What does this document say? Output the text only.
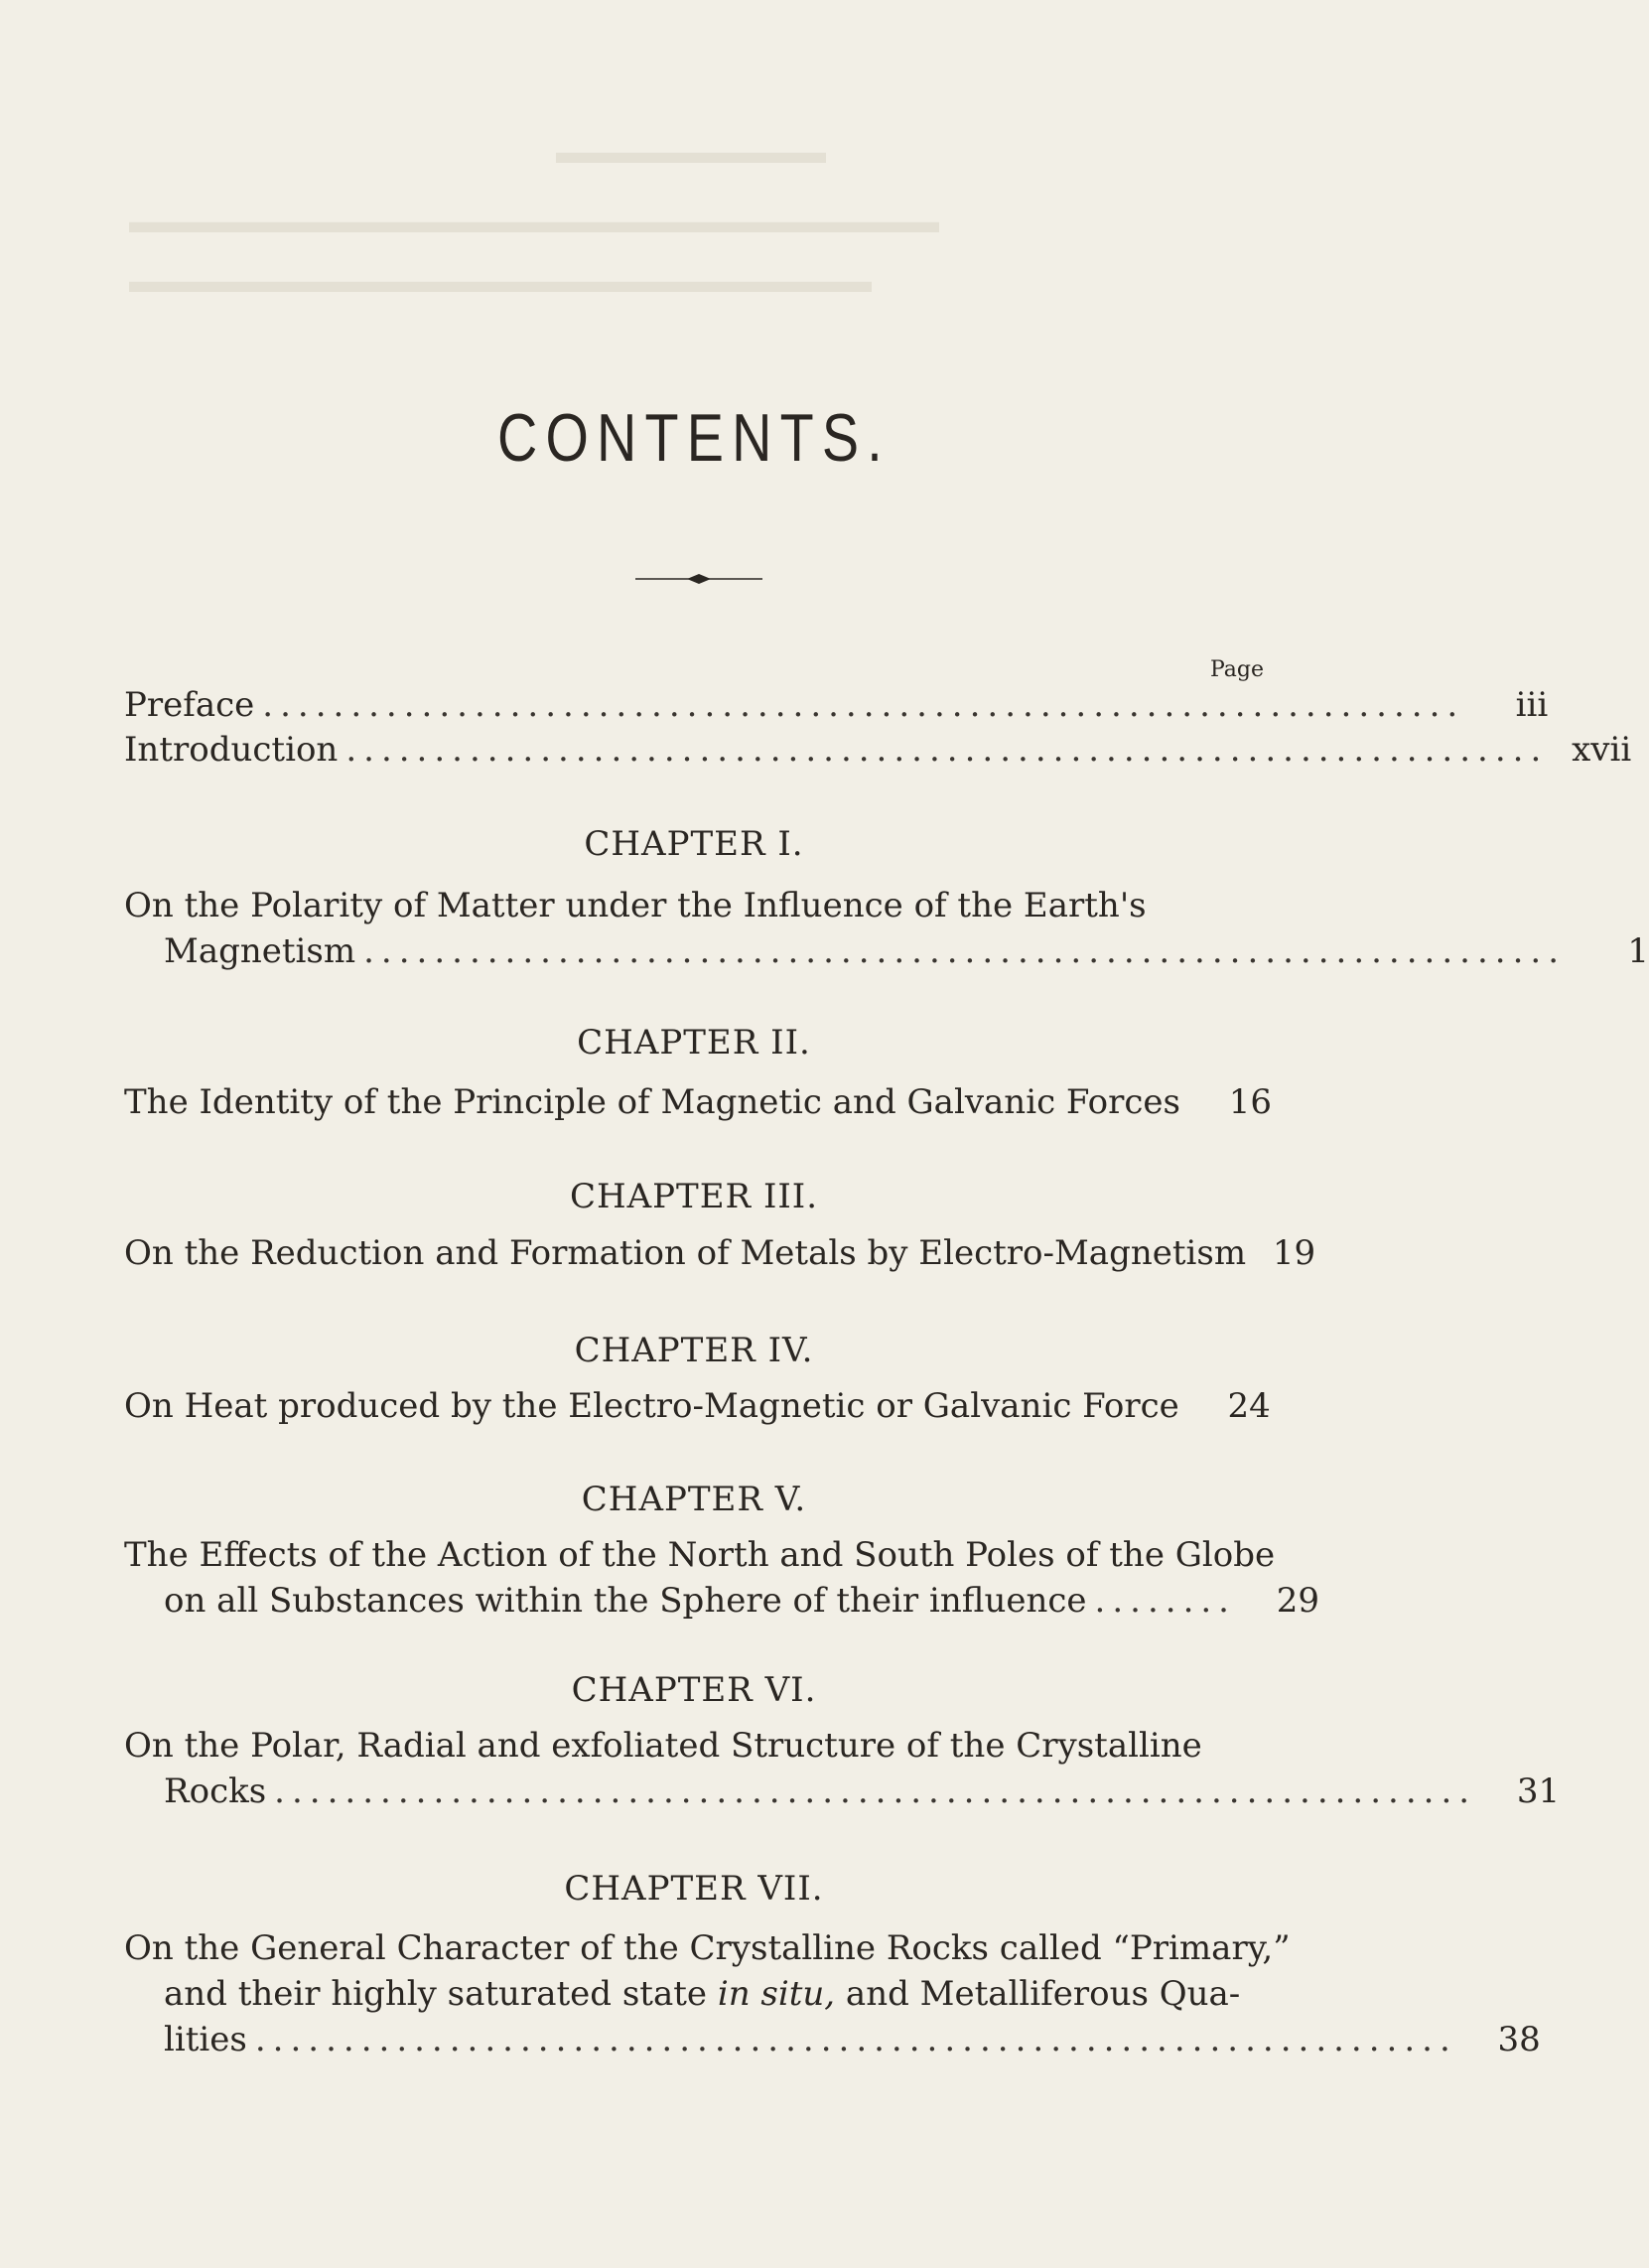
▬▬▬▬▬▬▬▬
▬▬▬▬▬▬▬▬▬▬▬▬▬▬▬▬▬▬▬▬▬▬▬▬
▬▬▬▬▬▬▬▬▬▬▬▬▬▬▬▬▬▬▬▬▬▬
CONTENTS.
Page
Preface ....................................................................	iii
Introduction .................................................................... xvii
CHAPTER I.
On the Polarity of Matter under the Influence of the Earth's
Magnetism ....................................................................	1
CHAPTER II.
The Identity of the Principle of Magnetic and Galvanic Forces	16
CHAPTER III.
On the Reduction and Formation of Metals by Electro-Magnetism 19
CHAPTER IV.
On Heat produced by the Electro-Magnetic or Galvanic Force	24
CHAPTER V.
The Effects of the Action of the North and South Poles of the Globe
on all Substances within the Sphere of their influence ........	29
CHAPTER VI.
On the Polar, Radial and exfoliated Structure of the Crystalline
Rocks ....................................................................	31
CHAPTER VII.
On the General Character of the Crystalline Rocks called “Primary,”
and their highly saturated state in situ, and Metalliferous Qua-
lities ....................................................................	38
